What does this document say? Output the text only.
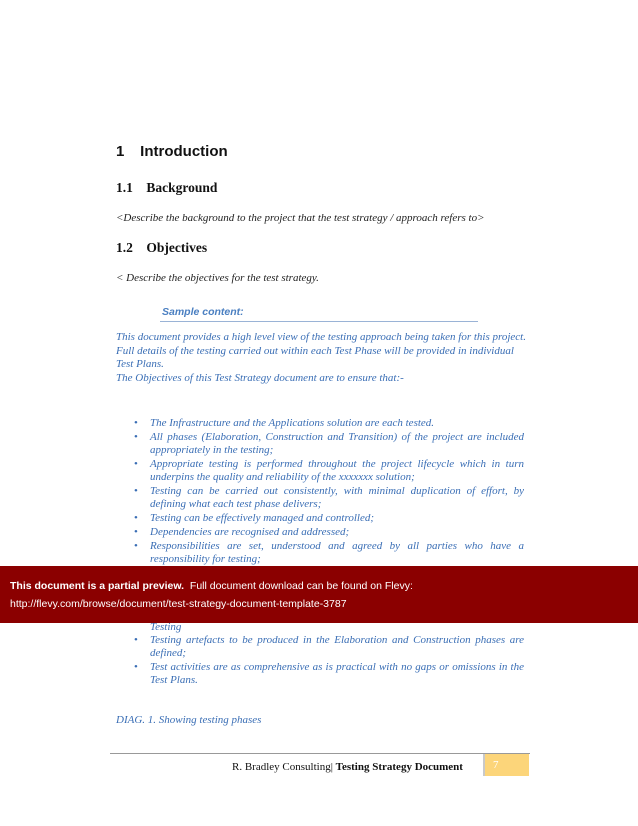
1 Introduction
1.1 Background
<Describe the background to the project that the test strategy / approach refers to>
1.2 Objectives
< Describe the objectives for the test strategy.
Sample content:
This document provides a high level view of the testing approach being taken for this project. Full details of the testing carried out within each Test Phase will be provided in individual Test Plans.
The Objectives of this Test Strategy document are to ensure that:-
• The Infrastructure and the Applications solution are each tested.
• All phases (Elaboration, Construction and Transition) of the project are included appropriately in the testing;
• Appropriate testing is performed throughout the project lifecycle which in turn underpins the quality and reliability of the xxxxxxx solution;
• Testing can be carried out consistently, with minimal duplication of effort, by defining what each test phase delivers;
• Testing can be effectively managed and controlled;
• Dependencies are recognised and addressed;
• Responsibilities are set, understood and agreed by all parties who have a responsibility for testing;
This document is a partial preview. Full document download can be found on Flevy:
http://flevy.com/browse/document/test-strategy-document-template-3787
Testing
• Testing artefacts to be produced in the Elaboration and Construction phases are defined;
• Test activities are as comprehensive as is practical with no gaps or omissions in the Test Plans.
DIAG. 1. Showing testing phases
R. Bradley Consulting| Testing Strategy Document	7
